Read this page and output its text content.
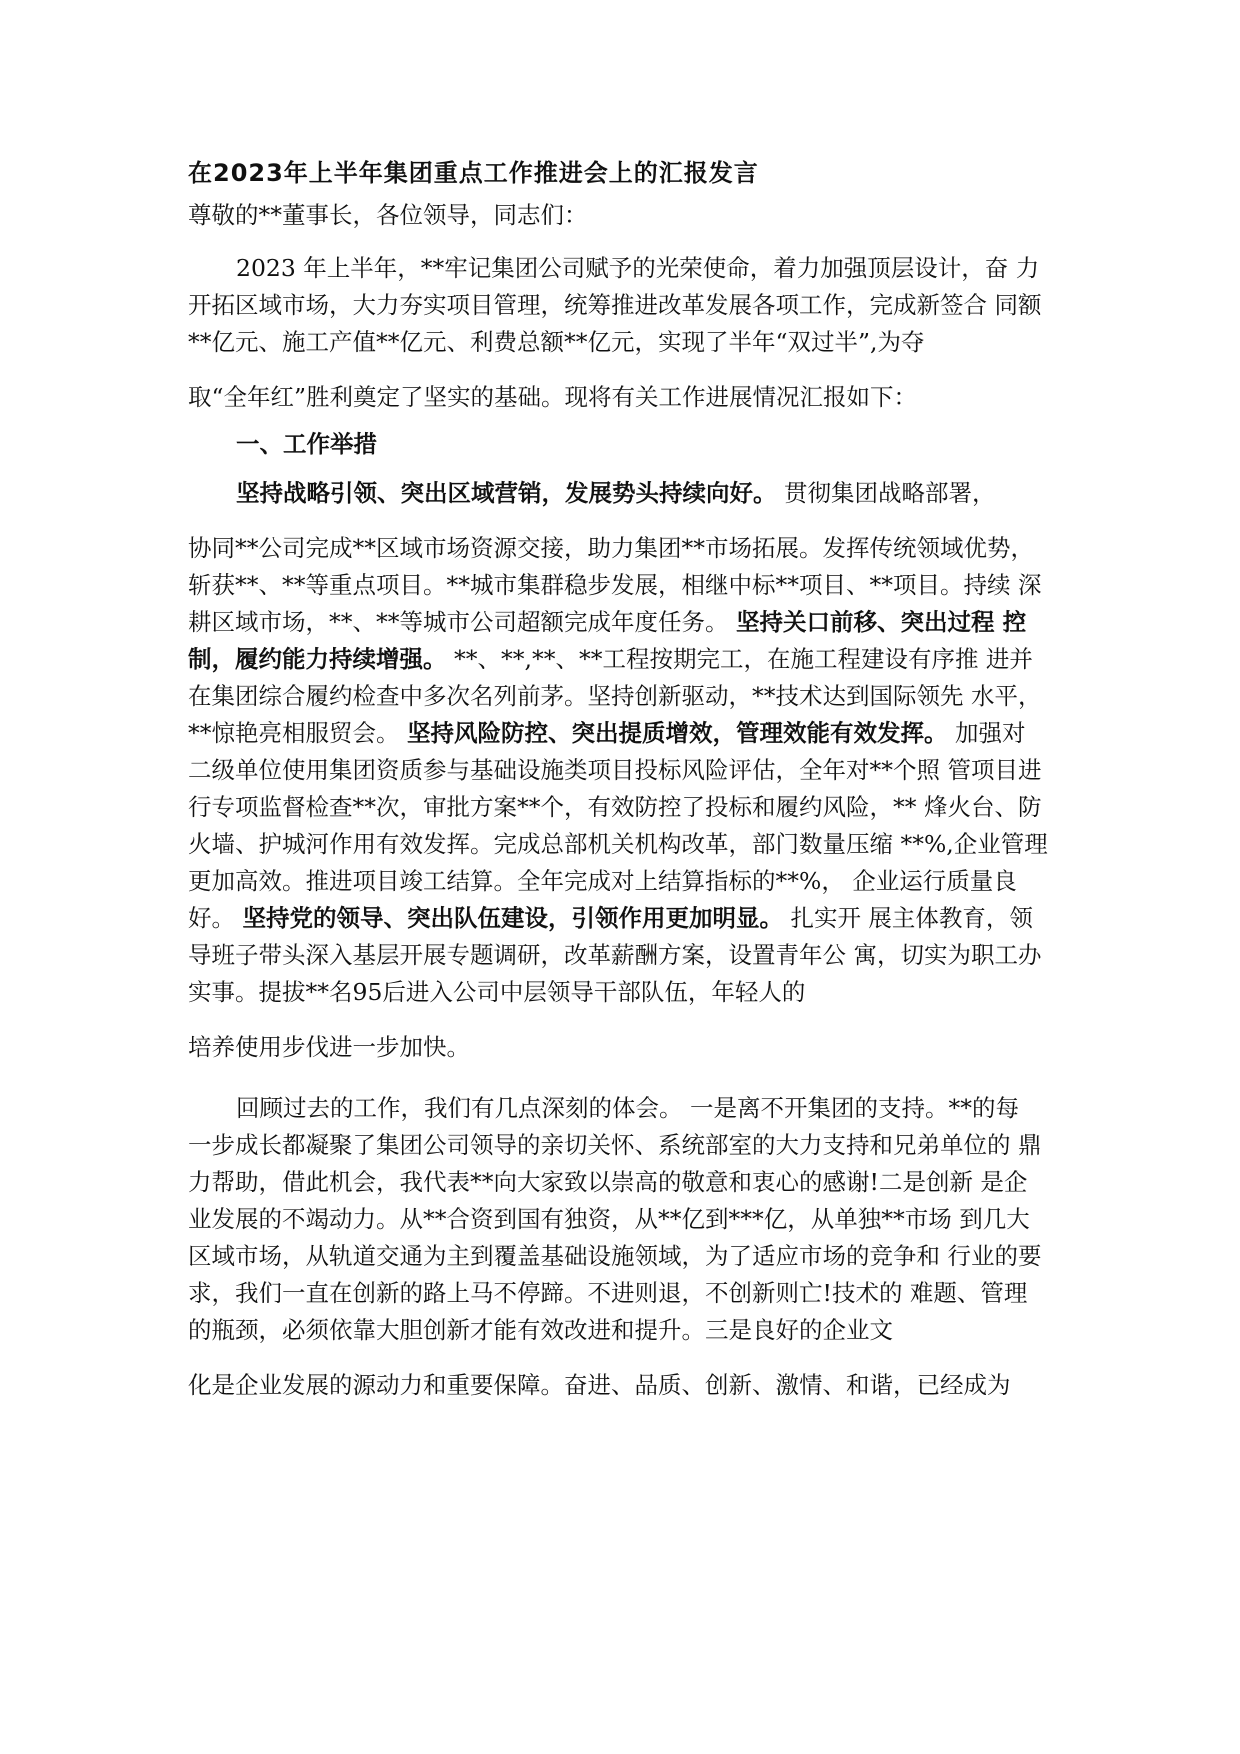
在2023年上半年集团重点工作推进会上的汇报发言

尊敬的**董事长，各位领导，同志们：

2023 年上半年，**牢记集团公司赋予的光荣使命，着力加强顶层设计，奋 力开拓区域市场，大力夯实项目管理，统筹推进改革发展各项工作，完成新签合 同额**亿元、施工产值**亿元、利费总额**亿元，实现了半年“双过半”,为夺

取“全年红”胜利奠定了坚实的基础。现将有关工作进展情况汇报如下：

一、工作举措

坚持战略引领、突出区域营销，发展势头持续向好。 贯彻集团战略部署，

协同**公司完成**区域市场资源交接，助力集团**市场拓展。发挥传统领域优势， 斩获**、**等重点项目。**城市集群稳步发展，相继中标**项目、**项目。持续 深耕区域市场，**、**等城市公司超额完成年度任务。 坚持关口前移、突出过程 控制，履约能力持续增强。 **、**,**、**工程按期完工，在施工程建设有序推 进并在集团综合履约检查中多次名列前茅。坚持创新驱动，**技术达到国际领先 水平，**惊艳亮相服贸会。 坚持风险防控、突出提质增效，管理效能有效发挥。 加强对二级单位使用集团资质参与基础设施类项目投标风险评估，全年对**个照 管项目进行专项监督检查**次，审批方案**个，有效防控了投标和履约风险，** 烽火台、防火墙、护城河作用有效发挥。完成总部机关机构改革，部门数量压缩 **%,企业管理更加高效。推进项目竣工结算。全年完成对上结算指标的**%， 企业运行质量良好。 坚持党的领导、突出队伍建设，引领作用更加明显。 扎实开 展主体教育，领导班子带头深入基层开展专题调研，改革薪酬方案，设置青年公 寓，切实为职工办实事。提拔**名95后进入公司中层领导干部队伍，年轻人的

培养使用步伐进一步加快。

回顾过去的工作，我们有几点深刻的体会。 一是离不开集团的支持。**的每 一步成长都凝聚了集团公司领导的亲切关怀、系统部室的大力支持和兄弟单位的 鼎力帮助，借此机会，我代表**向大家致以崇高的敬意和衷心的感谢!二是创新 是企业发展的不竭动力。从**合资到国有独资，从**亿到***亿，从单独**市场 到几大区域市场，从轨道交通为主到覆盖基础设施领域，为了适应市场的竞争和 行业的要求，我们一直在创新的路上马不停蹄。不进则退，不创新则亡!技术的 难题、管理的瓶颈，必须依靠大胆创新才能有效改进和提升。三是良好的企业文

化是企业发展的源动力和重要保障。奋进、品质、创新、激情、和谐，已经成为
